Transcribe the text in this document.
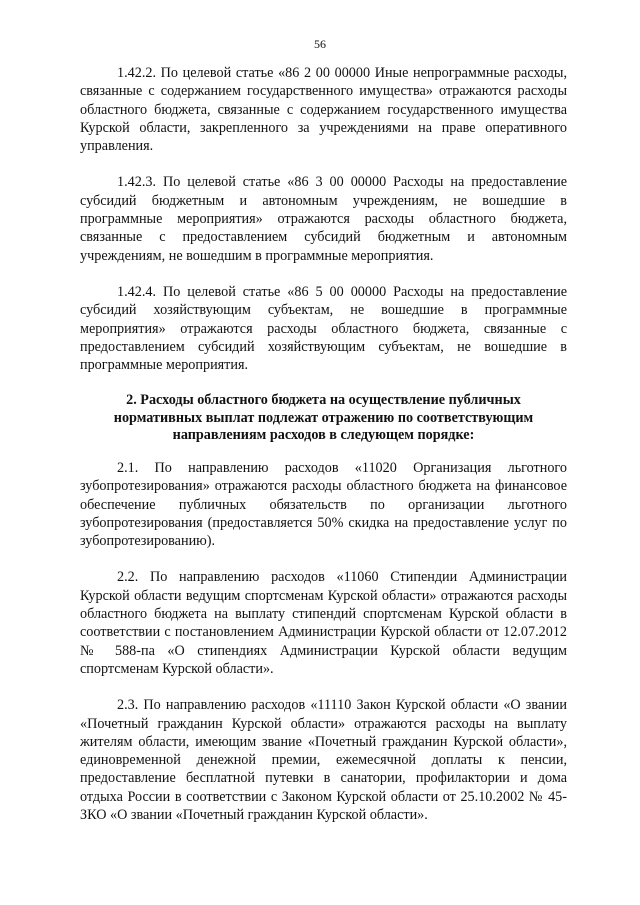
56

1.42.2. По целевой статье «86 2 00 00000 Иные непрограммные расходы, связанные с содержанием государственного имущества» отражаются расходы областного бюджета, связанные с содержанием государственного имущества Курской области, закрепленного за учреждениями на праве оперативного управления.

1.42.3. По целевой статье «86 3 00 00000 Расходы на предоставление субсидий бюджетным и автономным учреждениям, не вошедшие в программные мероприятия» отражаются расходы областного бюджета, связанные с предоставлением субсидий бюджетным и автономным учреждениям, не вошедшим в программные мероприятия.

1.42.4. По целевой статье «86 5 00 00000 Расходы на предоставление субсидий хозяйствующим субъектам, не вошедшие в программные мероприятия» отражаются расходы областного бюджета, связанные с предоставлением субсидий хозяйствующим субъектам, не вошедшие в программные мероприятия.

2. Расходы областного бюджета на осуществление публичных нормативных выплат подлежат отражению по соответствующим направлениям расходов в следующем порядке:

2.1. По направлению расходов «11020 Организация льготного зубопротезирования» отражаются расходы областного бюджета на финансовое обеспечение публичных обязательств по организации льготного зубопротезирования (предоставляется 50% скидка на предоставление услуг по зубопротезированию).

2.2. По направлению расходов «11060 Стипендии Администрации Курской области ведущим спортсменам Курской области» отражаются расходы областного бюджета на выплату стипендий спортсменам Курской области в соответствии с постановлением Администрации Курской области от 12.07.2012 № 588-па «О стипендиях Администрации Курской области ведущим спортсменам Курской области».

2.3. По направлению расходов «11110 Закон Курской области «О звании «Почетный гражданин Курской области» отражаются расходы на выплату жителям области, имеющим звание «Почетный гражданин Курской области», единовременной денежной премии, ежемесячной доплаты к пенсии, предоставление бесплатной путевки в санатории, профилактории и дома отдыха России в соответствии с Законом Курской области от 25.10.2002 № 45-ЗКО «О звании «Почетный гражданин Курской области».
